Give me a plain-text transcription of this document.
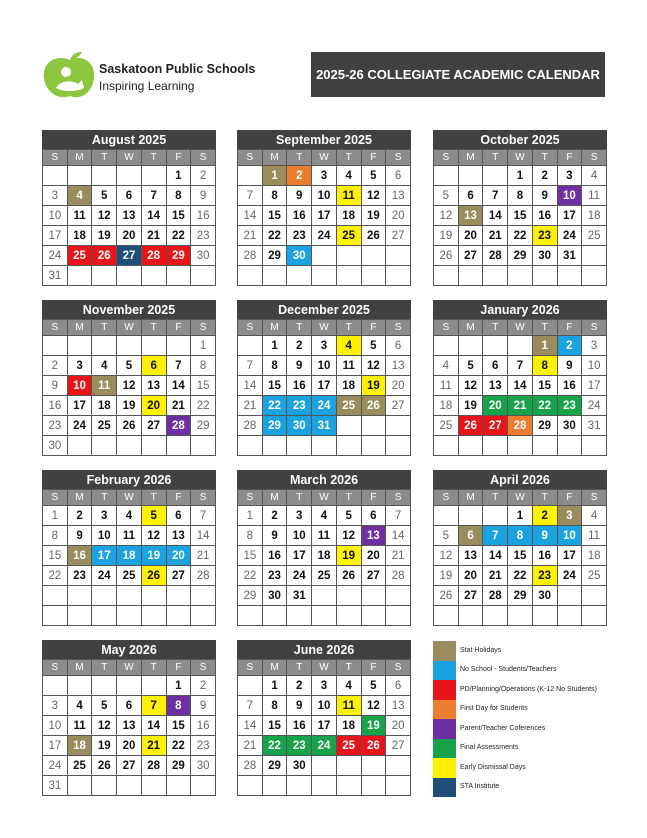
Saskatoon Public Schools
Inspiring Learning
2025-26 COLLEGIATE ACADEMIC CALENDAR
August 2025
S	M	T	W	T	F	S
					1	2
3	4	5	6	7	8	9
10	11	12	13	14	15	16
17	18	19	20	21	22	23
24	25	26	27	28	29	30
31						
September 2025
S	M	T	W	T	F	S
	1	2	3	4	5	6
7	8	9	10	11	12	13
14	15	16	17	18	19	20
21	22	23	24	25	26	27
28	29	30				

October 2025
S	M	T	W	T	F	S
			1	2	3	4
5	6	7	8	9	10	11
12	13	14	15	16	17	18
19	20	21	22	23	24	25
26	27	28	29	30	31	

November 2025
S	M	T	W	T	F	S
						1
2	3	4	5	6	7	8
9	10	11	12	13	14	15
16	17	18	19	20	21	22
23	24	25	26	27	28	29
30						
December 2025
S	M	T	W	T	F	S
	1	2	3	4	5	6
7	8	9	10	11	12	13
14	15	16	17	18	19	20
21	22	23	24	25	26	27
28	29	30	31			

January 2026
S	M	T	W	T	F	S
				1	2	3
4	5	6	7	8	9	10
11	12	13	14	15	16	17
18	19	20	21	22	23	24
25	26	27	28	29	30	31

February 2026
S	M	T	W	T	F	S
1	2	3	4	5	6	7
8	9	10	11	12	13	14
15	16	17	18	19	20	21
22	23	24	25	26	27	28

March 2026
S	M	T	W	T	F	S
1	2	3	4	5	6	7
8	9	10	11	12	13	14
15	16	17	18	19	20	21
22	23	24	25	26	27	28
29	30	31				

April 2026
S	M	T	W	T	F	S
			1	2	3	4
5	6	7	8	9	10	11
12	13	14	15	16	17	18
19	20	21	22	23	24	25
26	27	28	29	30		

May 2026
S	M	T	W	T	F	S
					1	2
3	4	5	6	7	8	9
10	11	12	13	14	15	16
17	18	19	20	21	22	23
24	25	26	27	28	29	30
31						
June 2026
S	M	T	W	T	F	S
	1	2	3	4	5	6
7	8	9	10	11	12	13
14	15	16	17	18	19	20
21	22	23	24	25	26	27
28	29	30				

Stat Holidays
No School - Students/Teachers
PD/Planning/Operations (K-12 No Students)
First Day for Students
Parent/Teacher Coferences
Final Assessments
Early Dismissal Days
STA Institute
